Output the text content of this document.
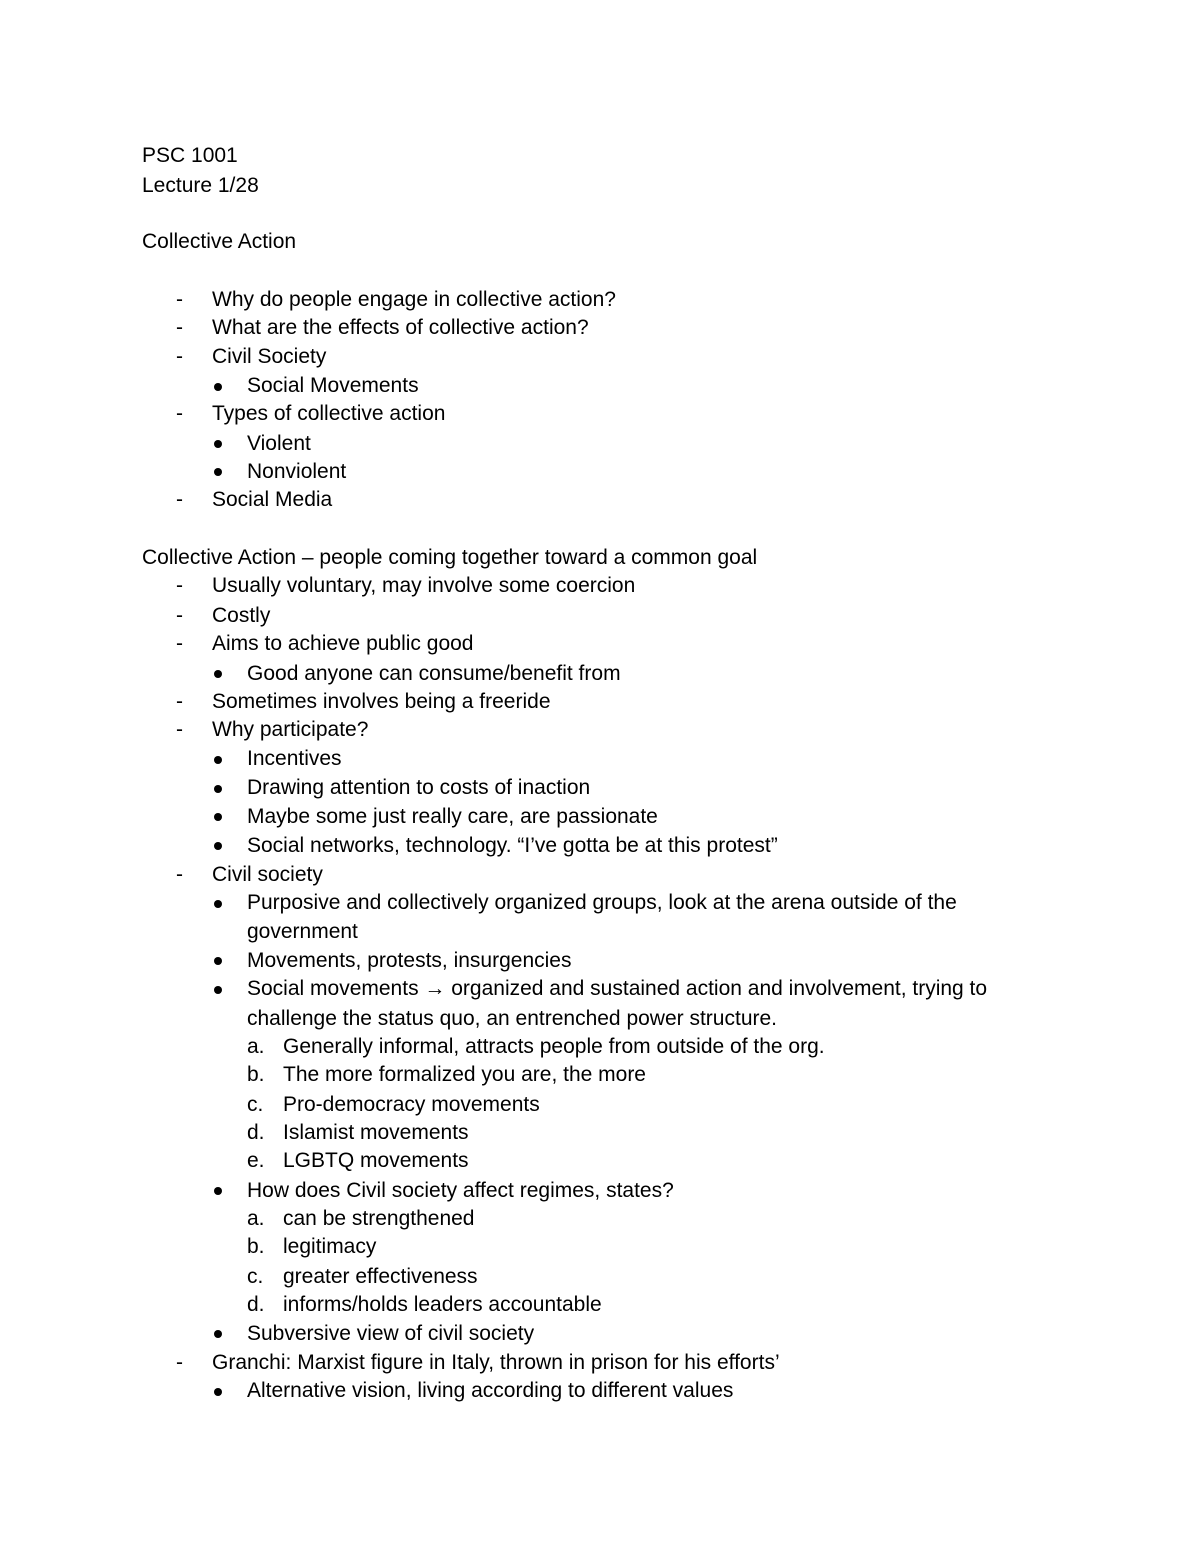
PSC 1001
Lecture 1/28
Collective Action
- Why do people engage in collective action?
- What are the effects of collective action?
- Civil Society
Social Movements
- Types of collective action
Violent
Nonviolent
- Social Media
Collective Action – people coming together toward a common goal
- Usually voluntary, may involve some coercion
- Costly
- Aims to achieve public good
Good anyone can consume/benefit from
- Sometimes involves being a freeride
- Why participate?
Incentives
Drawing attention to costs of inaction
Maybe some just really care, are passionate
Social networks, technology. “I’ve gotta be at this protest”
- Civil society
Purposive and collectively organized groups, look at the arena outside of the
government
Movements, protests, insurgencies
Social movements → organized and sustained action and involvement, trying to
challenge the status quo, an entrenched power structure.
a. Generally informal, attracts people from outside of the org.
b. The more formalized you are, the more
c. Pro-democracy movements
d. Islamist movements
e. LGBTQ movements
How does Civil society affect regimes, states?
a. can be strengthened
b. legitimacy
c. greater effectiveness
d. informs/holds leaders accountable
Subversive view of civil society
- Granchi: Marxist figure in Italy, thrown in prison for his efforts’
Alternative vision, living according to different values
